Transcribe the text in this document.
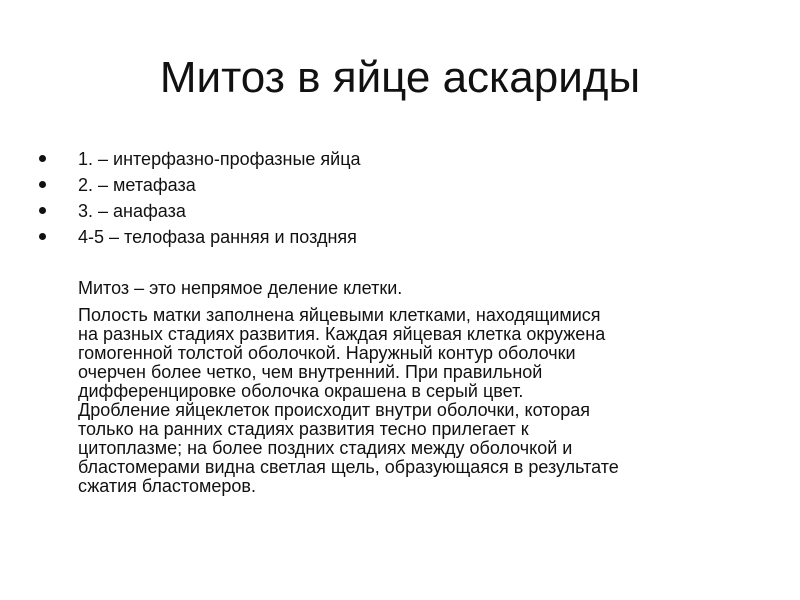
Митоз в яйце аскариды
1. – интерфазно-профазные яйца
2. – метафаза
3. – анафаза
4-5 – телофаза ранняя и поздняя

Митоз – это непрямое деление клетки.

Полость матки заполнена яйцевыми клетками, находящимися

на разных стадиях развития. Каждая яйцевая клетка окружена

гомогенной толстой оболочкой. Наружный контур оболочки

очерчен более четко, чем внутренний. При правильной

дифференцировке оболочка окрашена в серый цвет.

Дробление яйцеклеток происходит внутри оболочки, которая

только на ранних стадиях развития тесно прилегает к

цитоплазме; на более поздних стадиях между оболочкой и

бластомерами видна светлая щель, образующаяся в результате

сжатия бластомеров.
